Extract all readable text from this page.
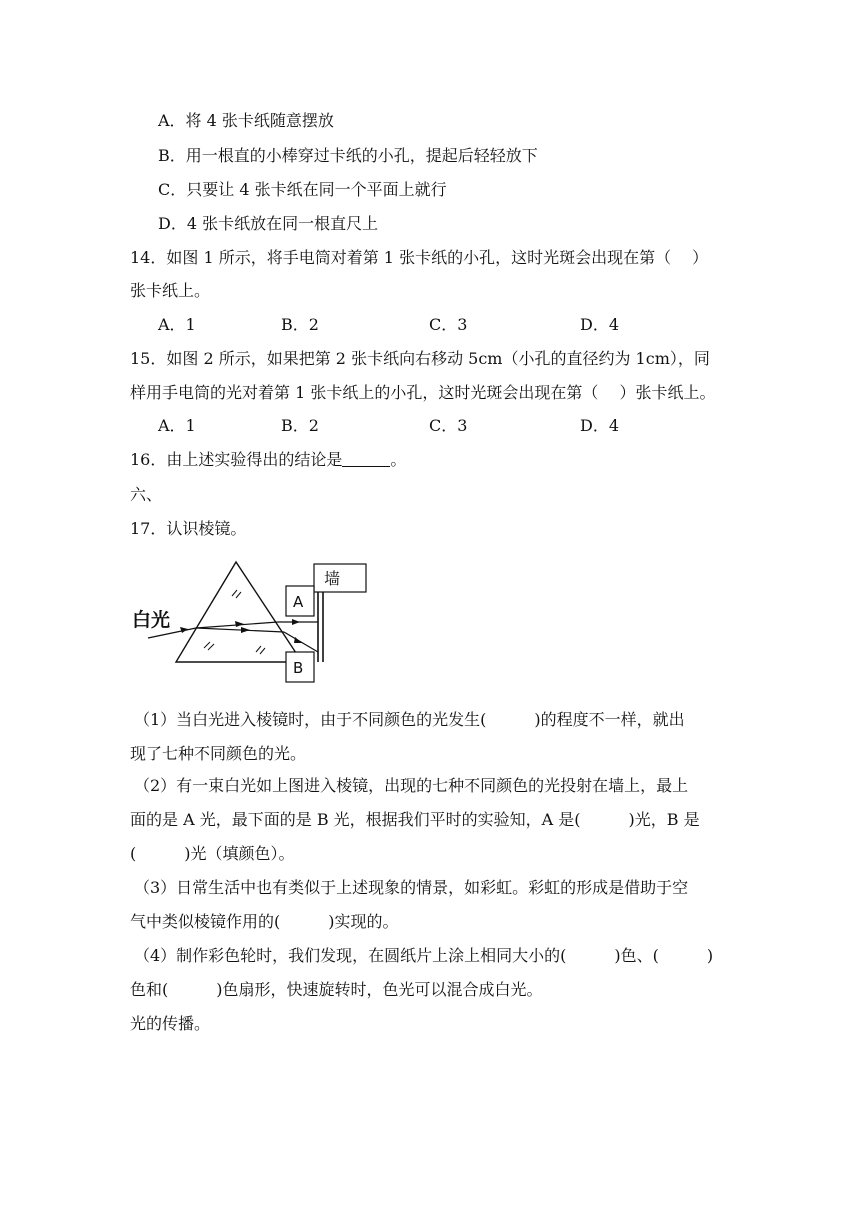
A．将 4 张卡纸随意摆放
B．用一根直的小棒穿过卡纸的小孔，提起后轻轻放下
C．只要让 4 张卡纸在同一个平面上就行
D．4 张卡纸放在同一根直尺上
14．如图 1 所示，将手电筒对着第 1 张卡纸的小孔，这时光斑会出现在第（　 ）
张卡纸上。
A．1	B．2	C．3	D．4
15．如图 2 所示，如果把第 2 张卡纸向右移动 5cm（小孔的直径约为 1cm），同
样用手电筒的光对着第 1 张卡纸上的小孔，这时光斑会出现在第（　 ）张卡纸上。
A．1	B．2	C．3	D．4
16．由上述实验得出的结论是	。
六、
17．认识棱镜。
墙
A
B
白光
（1）当白光进入棱镜时，由于不同颜色的光发生(　　　)的程度不一样，就出
现了七种不同颜色的光。
（2）有一束白光如上图进入棱镜，出现的七种不同颜色的光投射在墙上，最上
面的是 A 光，最下面的是 B 光，根据我们平时的实验知，A 是(　　　)光，B 是
(　　　)光（填颜色）。
（3）日常生活中也有类似于上述现象的情景，如彩虹。彩虹的形成是借助于空
气中类似棱镜作用的(　　　)实现的。
（4）制作彩色轮时，我们发现，在圆纸片上涂上相同大小的(　　　)色、(　　　)
色和(　　　)色扇形，快速旋转时，色光可以混合成白光。
光的传播。
